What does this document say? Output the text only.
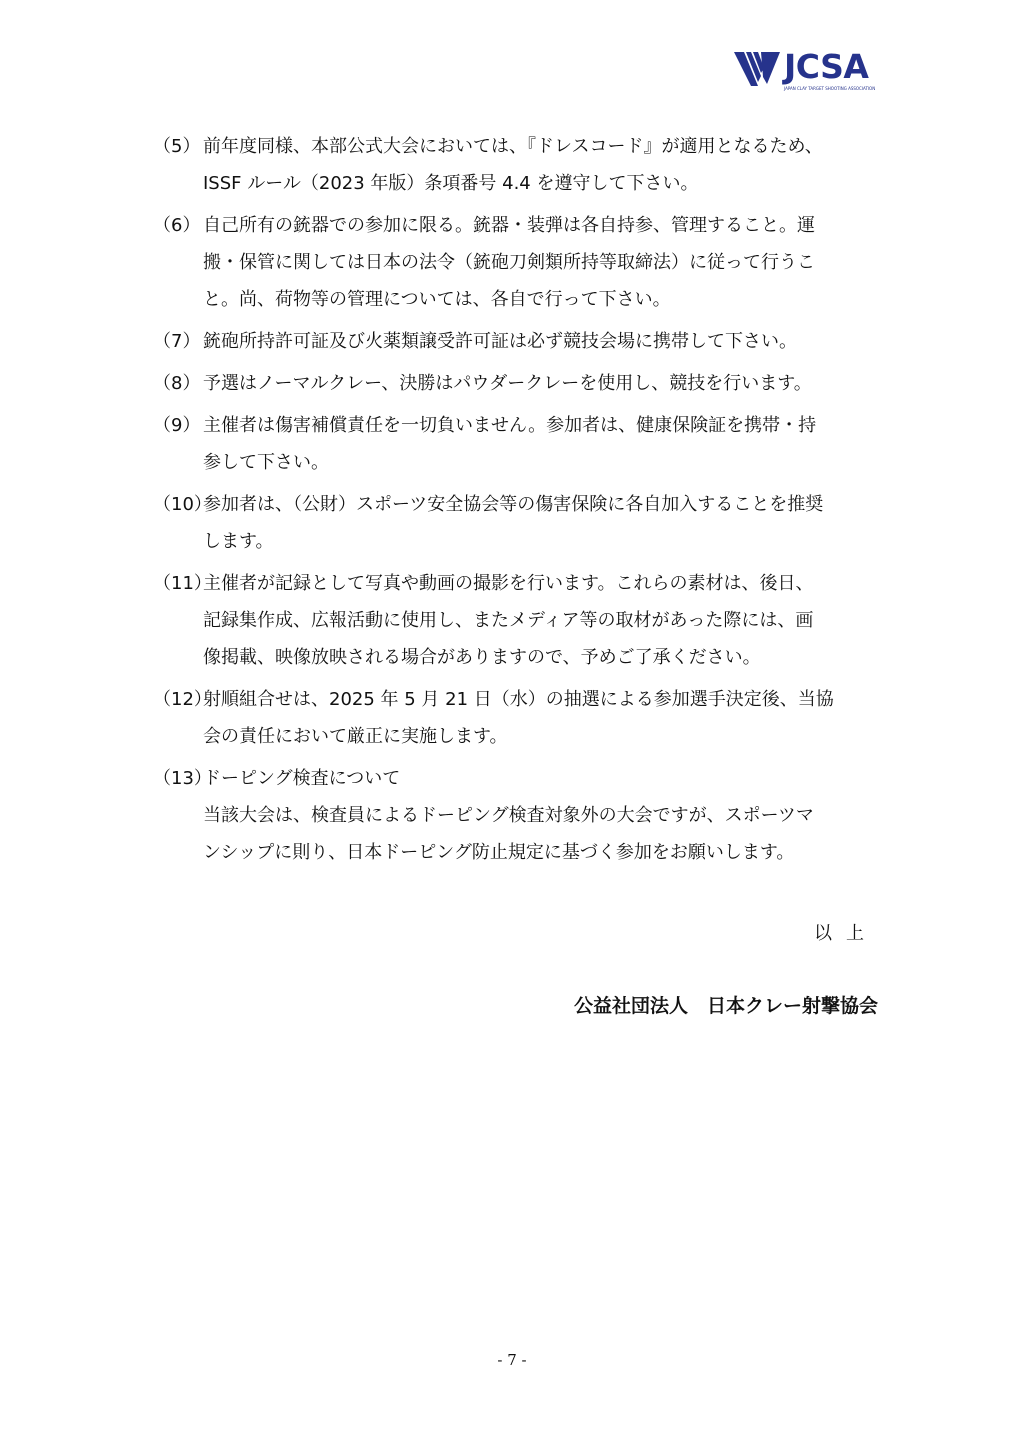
JCSA
JAPAN CLAY TARGET SHOOTING ASSOCIATION
（5） 前年度同様、本部公式大会においては、『ドレスコード』が適用となるため、
ISSF ルール（2023 年版）条項番号 4.4 を遵守して下さい。
（6） 自己所有の銃器での参加に限る。銃器・装弾は各自持参、管理すること。運
搬・保管に関しては日本の法令（銃砲刀剣類所持等取締法）に従って行うこ
と。尚、荷物等の管理については、各自で行って下さい。
（7） 銃砲所持許可証及び火薬類譲受許可証は必ず競技会場に携帯して下さい。
（8） 予選はノーマルクレー、決勝はパウダークレーを使用し、競技を行います。
（9） 主催者は傷害補償責任を一切負いません。参加者は、健康保険証を携帯・持
参して下さい。
（10）
参加者は、（公財）スポーツ安全協会等の傷害保険に各自加入することを推奨
します。
（11）
主催者が記録として写真や動画の撮影を行います。これらの素材は、後日、
記録集作成、広報活動に使用し、またメディア等の取材があった際には、画
像掲載、映像放映される場合がありますので、予めご了承ください。
（12）
射順組合せは、2025 年 5 月 21 日（水）の抽選による参加選手決定後、当協
会の責任において厳正に実施します。
（13）
ドーピング検査について
当該大会は、検査員によるドーピング検査対象外の大会ですが、スポーツマ
ンシップに則り、日本ドーピング防止規定に基づく参加をお願いします。
以上
公益社団法人　日本クレー射撃協会
- 7 -
